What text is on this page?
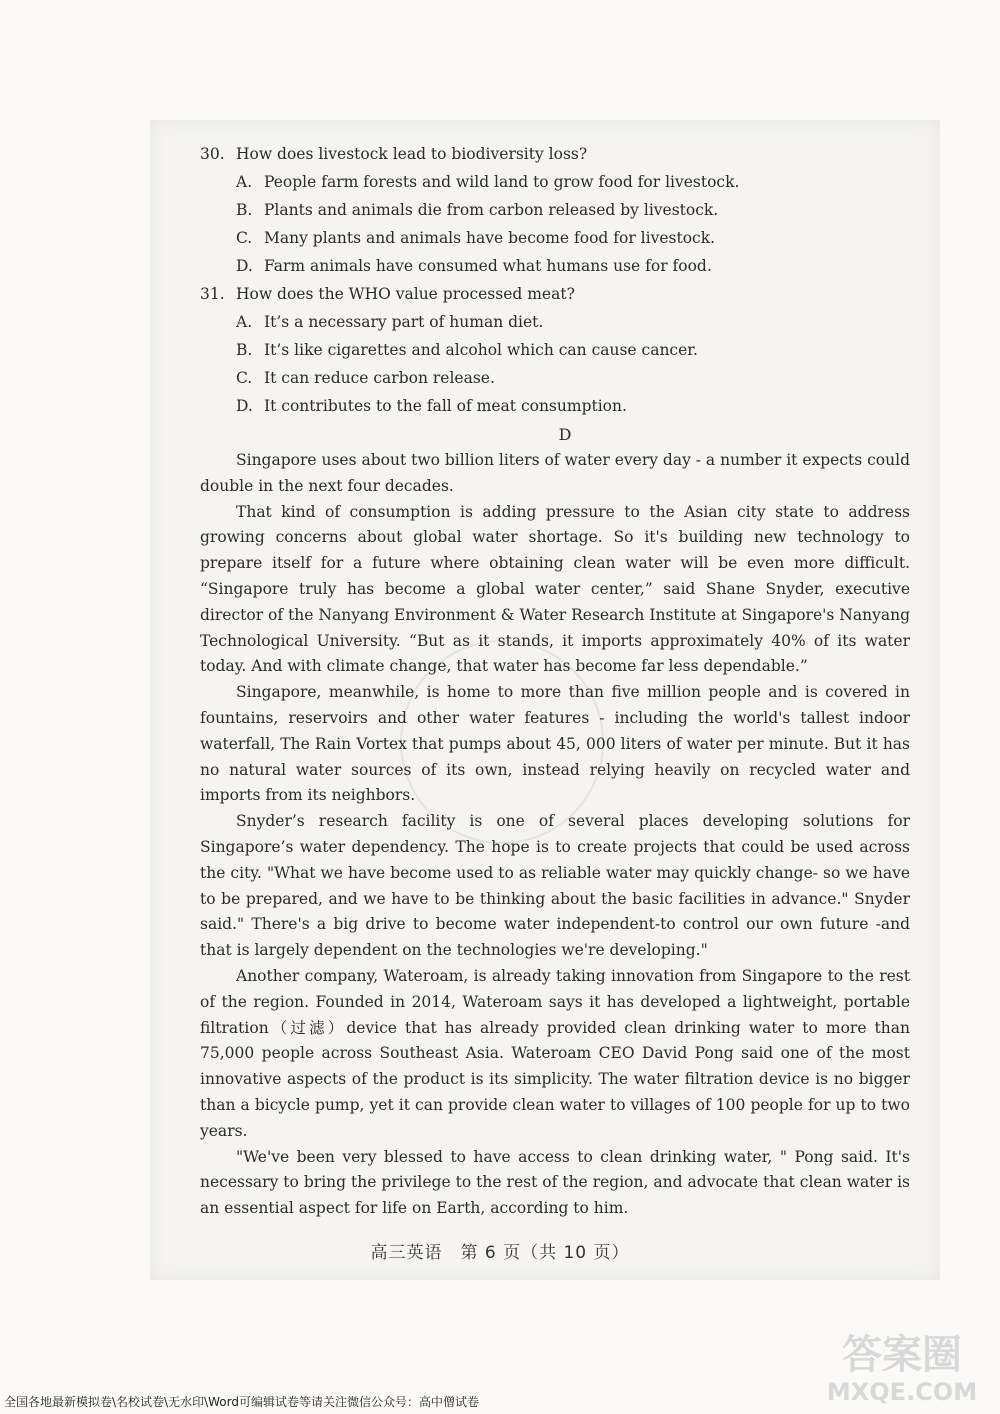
30. How does livestock lead to biodiversity loss?
A. People farm forests and wild land to grow food for livestock.
B. Plants and animals die from carbon released by livestock.
C. Many plants and animals have become food for livestock.
D. Farm animals have consumed what humans use for food.
31. How does the WHO value processed meat?
A. It’s a necessary part of human diet.
B. It’s like cigarettes and alcohol which can cause cancer.
C. It can reduce carbon release.
D. It contributes to the fall of meat consumption.
D

Singapore uses about two billion liters of water every day - a number it expects could double in the next four decades.

That kind of consumption is adding pressure to the Asian city state to address growing concerns about global water shortage. So it's building new technology to prepare itself for a future where obtaining clean water will be even more difficult. “Singapore truly has become a global water center,” said Shane Snyder, executive director of the Nanyang Environment & Water Research Institute at Singapore's Nanyang Technological University. “But as it stands, it imports approximately 40% of its water today. And with climate change, that water has become far less dependable.”

Singapore, meanwhile, is home to more than five million people and is covered in fountains, reservoirs and other water features - including the world's tallest indoor waterfall, The Rain Vortex that pumps about 45, 000 liters of water per minute. But it has no natural water sources of its own, instead relying heavily on recycled water and imports from its neighbors.

Snyder’s research facility is one of several places developing solutions for Singapore’s water dependency. The hope is to create projects that could be used across the city. "What we have become used to as reliable water may quickly change- so we have to be prepared, and we have to be thinking about the basic facilities in advance." Snyder said." There's a big drive to become water independent-to control our own future -and that is largely dependent on the technologies we're developing."

Another company, Wateroam, is already taking innovation from Singapore to the rest of the region. Founded in 2014, Wateroam says it has developed a lightweight, portable filtration（过滤）device that has already provided clean drinking water to more than 75,000 people across Southeast Asia. Wateroam CEO David Pong said one of the most innovative aspects of the product is its simplicity. The water filtration device is no bigger than a bicycle pump, yet it can provide clean water to villages of 100 people for up to two years.

"We've been very blessed to have access to clean drinking water, " Pong said. It's necessary to bring the privilege to the rest of the region, and advocate that clean water is an essential aspect for life on Earth, according to him.

高三英语　第 6 页（共 10 页）
答案圈
MXQE.COM
全国各地最新模拟卷\名校试卷\无水印\Word可编辑试卷等请关注微信公众号：高中僧试卷
